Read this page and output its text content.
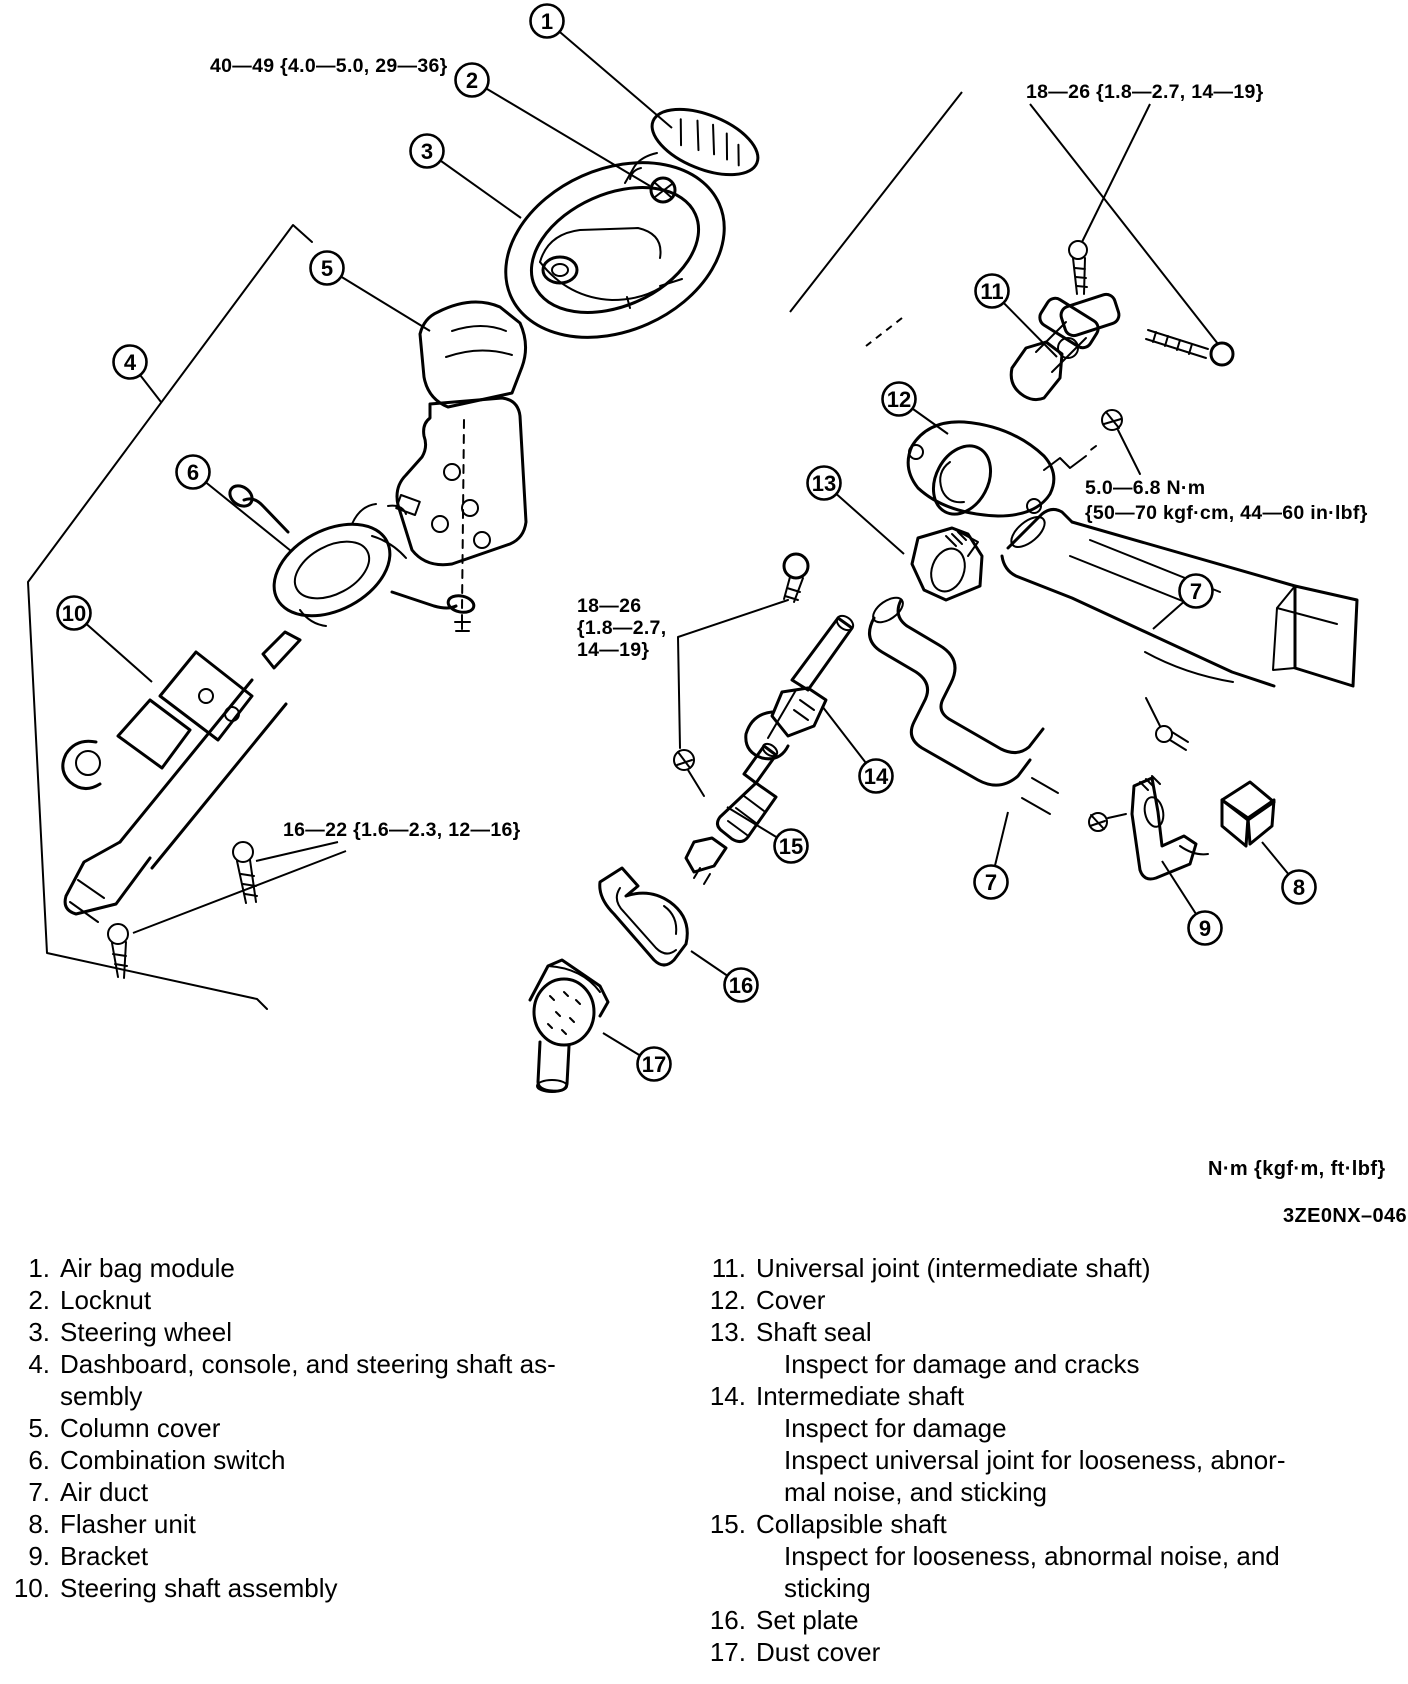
1
2
3
4
5
6
7
7	8
9
10
11
12
13
14
15
16
17
40—49 {4.0—5.0, 29—36}
18—26 {1.8—2.7, 14—19}
5.0—6.8 N·m {50—70 kgf·cm, 44—60 in·lbf}
18—26 {1.8—2.7, 14—19}
16—22 {1.6—2.3, 12—16}
N·m {kgf·m, ft·lbf}
3ZE0NX–046
1. Air bag module
2. Locknut
3. Steering wheel
4. Dashboard, console, and steering shaft as-
sembly
5. Column cover
6. Combination switch
7. Air duct
8. Flasher unit
9. Bracket
10. Steering shaft assembly
11. Universal joint (intermediate shaft)
12. Cover
13. Shaft seal
Inspect for damage and cracks
14. Intermediate shaft
Inspect for damage
Inspect universal joint for looseness, abnor-
mal noise, and sticking
15. Collapsible shaft
Inspect for looseness, abnormal noise, and
sticking
16. Set plate
17. Dust cover
